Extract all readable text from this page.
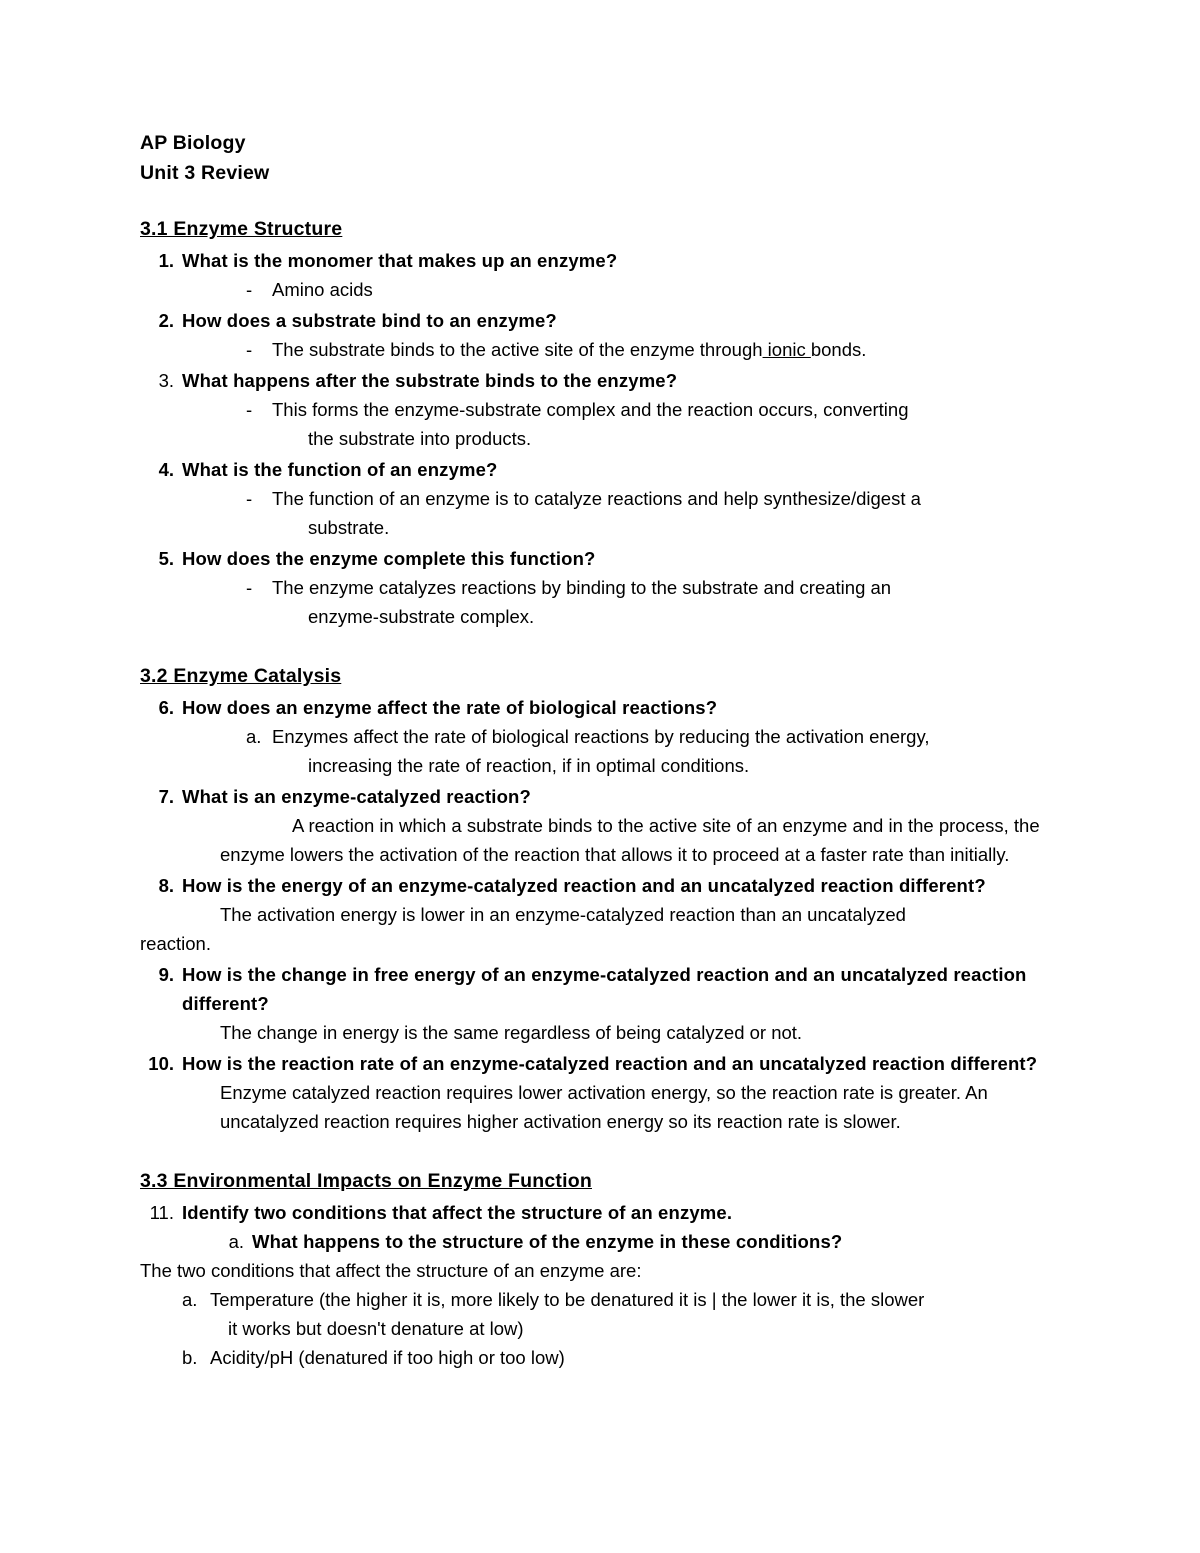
AP Biology
Unit 3 Review
3.1 Enzyme Structure
1. What is the monomer that makes up an enzyme?
-	Amino acids
2. How does a substrate bind to an enzyme?
-	The substrate binds to the active site of the enzyme through ionic bonds.
3. What happens after the substrate binds to the enzyme?
-	This forms the enzyme-substrate complex and the reaction occurs, converting
the substrate into products.
4. What is the function of an enzyme?
-	The function of an enzyme is to catalyze reactions and help synthesize/digest a
substrate.
5. How does the enzyme complete this function?
-	The enzyme catalyzes reactions by binding to the substrate and creating an
enzyme-substrate complex.
3.2 Enzyme Catalysis
6. How does an enzyme affect the rate of biological reactions?
a. Enzymes affect the rate of biological reactions by reducing the activation energy,
increasing the rate of reaction, if in optimal conditions.
7. What is an enzyme-catalyzed reaction?
A reaction in which a substrate binds to the active site of an enzyme and in the process, the enzyme lowers the activation of the reaction that allows it to proceed at a faster rate than initially.
8. How is the energy of an enzyme-catalyzed reaction and an uncatalyzed reaction different?
The activation energy is lower in an enzyme-catalyzed reaction than an uncatalyzed
reaction.
9. How is the change in free energy of an enzyme-catalyzed reaction and an uncatalyzed reaction different?
The change in energy is the same regardless of being catalyzed or not.
10. How is the reaction rate of an enzyme-catalyzed reaction and an uncatalyzed reaction different?
Enzyme catalyzed reaction requires lower activation energy, so the reaction rate is greater. An uncatalyzed reaction requires higher activation energy so its reaction rate is slower.
3.3 Environmental Impacts on Enzyme Function
11. Identify two conditions that affect the structure of an enzyme.
a. What happens to the structure of the enzyme in these conditions?
The two conditions that affect the structure of an enzyme are:
a. Temperature (the higher it is, more likely to be denatured it is | the lower it is, the slower
it works but doesn't denature at low)
b. Acidity/pH (denatured if too high or too low)
